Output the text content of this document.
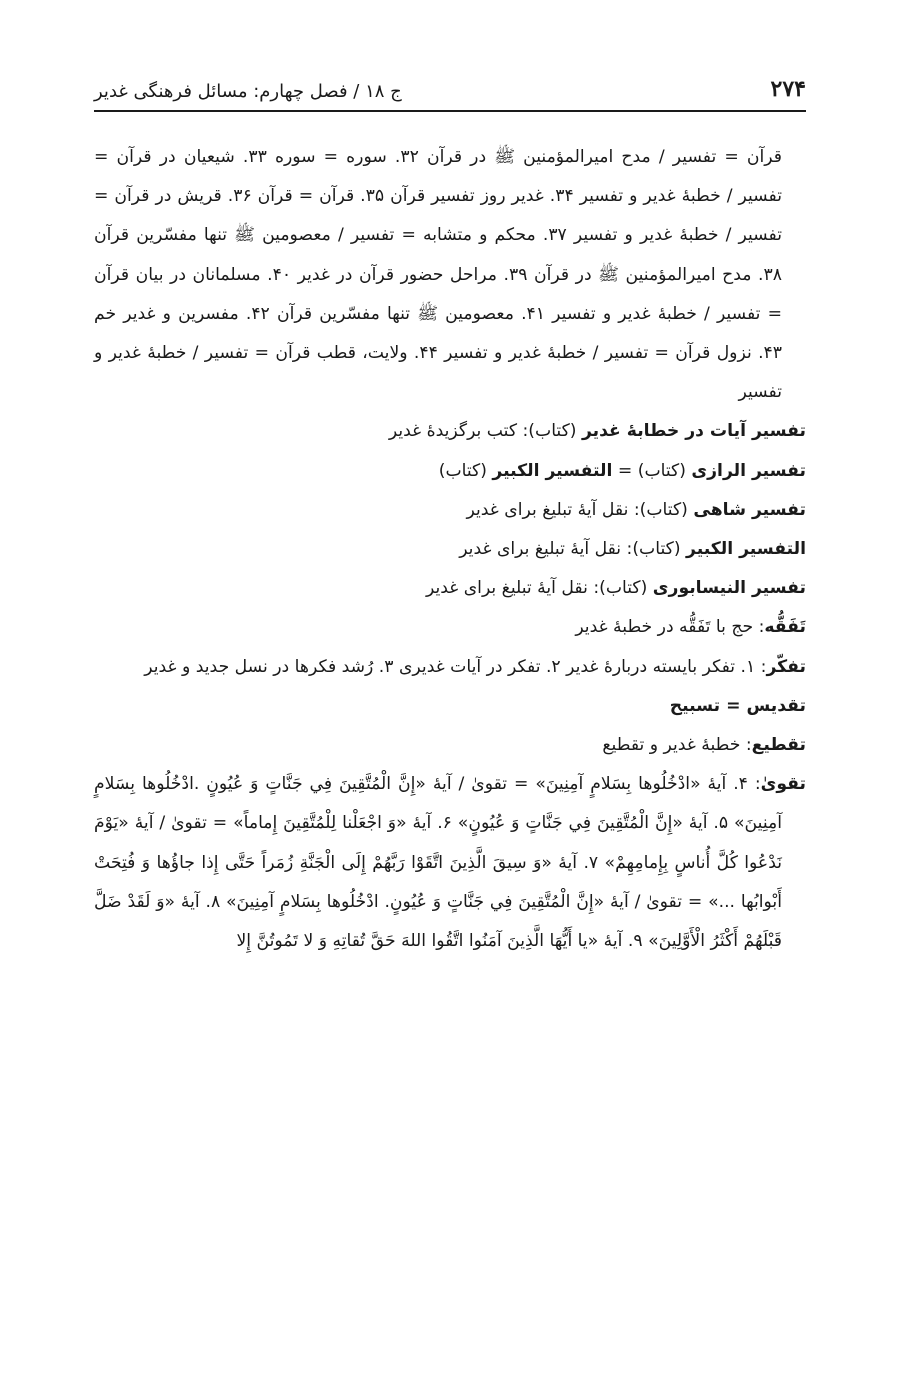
۲۷۴
ج ۱۸ / فصل چهارم: مسائل فرهنگی غدیر

قرآن = تفسیر / مدح امیرالمؤمنین ﷺ در قرآن ۳۲. سوره = سوره ۳۳. شیعیان در قرآن = تفسیر / خطبهٔ غدیر و تفسیر ۳۴. غدیر روز تفسیر قرآن ۳۵. قرآن = قرآن ۳۶. قریش در قرآن = تفسیر / خطبهٔ غدیر و تفسیر ۳۷. محکم و متشابه = تفسیر / معصومین ﷺ تنها مفسّرین قرآن ۳۸. مدح امیرالمؤمنین ﷺ در قرآن ۳۹. مراحل حضور قرآن در غدیر ۴۰. مسلمانان در بیان قرآن = تفسیر / خطبهٔ غدیر و تفسیر ۴۱. معصومین ﷺ تنها مفسّرین قرآن ۴۲. مفسرین و غدیر خم ۴۳. نزول قرآن = تفسیر / خطبهٔ غدیر و تفسیر ۴۴. ولایت، قطب قرآن = تفسیر / خطبهٔ غدیر و تفسیر

تفسیر آیات در خطابهٔ غدیر (کتاب): کتب برگزیدهٔ غدیر

تفسیر الرازی (کتاب) = التفسیر الکبیر (کتاب)

تفسیر شاهی (کتاب): نقل آیهٔ تبلیغ برای غدیر

التفسیر الکبیر (کتاب): نقل آیهٔ تبلیغ برای غدیر

تفسیر النیسابوری (کتاب): نقل آیهٔ تبلیغ برای غدیر

تَفَقُّه: حج با تَفَقُّه در خطبهٔ غدیر

تفکّر: ۱. تفکر بایسته دربارهٔ غدیر ۲. تفکر در آیات غدیری ۳. رُشد فکرها در نسل جدید و غدیر

تقدیس = تسبیح

تقطیع: خطبهٔ غدیر و تقطیع

تقوىٰ: ۴. آیهٔ «ادْخُلُوها بِسَلامٍ آمِنِينَ» = تقوىٰ / آیهٔ «إِنَّ الْمُتَّقِينَ فِي جَنَّاتٍ وَ عُيُونٍ .ادْخُلُوها بِسَلامٍ آمِنِينَ» ۵. آیهٔ «إِنَّ الْمُتَّقِينَ فِي جَنَّاتٍ وَ عُيُونٍ» ۶. آیهٔ «وَ اجْعَلْنا لِلْمُتَّقِينَ إِماماً» = تقوىٰ / آیهٔ «يَوْمَ نَدْعُوا كُلَّ أُناسٍ بِإِمامِهِمْ» ۷. آیهٔ «وَ سِيقَ الَّذِينَ اتَّقَوْا رَبَّهُمْ إِلَى الْجَنَّةِ زُمَراً حَتَّى إِذا جاؤُها وَ فُتِحَتْ أَبْوابُها ...» = تقوىٰ / آیهٔ «إِنَّ الْمُتَّقِينَ فِي جَنَّاتٍ وَ عُيُونٍ. ادْخُلُوها بِسَلامٍ آمِنِينَ» ۸. آیهٔ «وَ لَقَدْ ضَلَّ قَبْلَهُمْ أَكْثَرُ الْأَوَّلِينَ» ۹. آیهٔ «يا أَيُّهَا الَّذِينَ آمَنُوا اتَّقُوا اللهَ حَقَّ تُقاتِهِ وَ لا تَمُوتُنَّ إِلا
